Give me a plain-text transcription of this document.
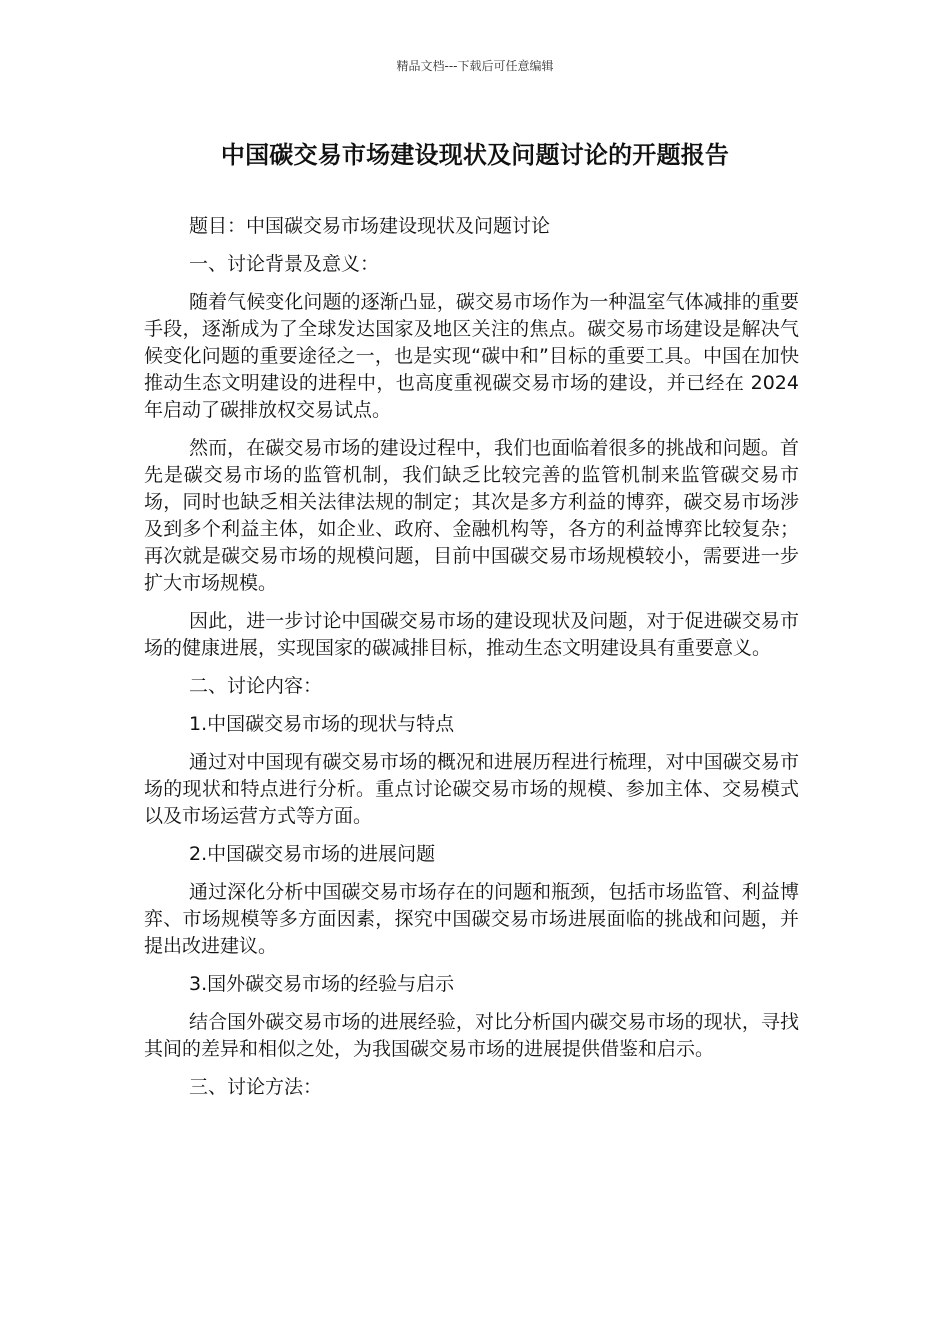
精品文档---下载后可任意编辑
中国碳交易市场建设现状及问题讨论的开题报告
题目：中国碳交易市场建设现状及问题讨论
一、讨论背景及意义：

随着气候变化问题的逐渐凸显，碳交易市场作为一种温室气体减排的重要手段，逐渐成为了全球发达国家及地区关注的焦点。碳交易市场建设是解决气候变化问题的重要途径之一，也是实现“碳中和”目标的重要工具。中国在加快推动生态文明建设的进程中，也高度重视碳交易市场的建设，并已经在 2024 年启动了碳排放权交易试点。

然而，在碳交易市场的建设过程中，我们也面临着很多的挑战和问题。首先是碳交易市场的监管机制，我们缺乏比较完善的监管机制来监管碳交易市场，同时也缺乏相关法律法规的制定；其次是多方利益的博弈，碳交易市场涉及到多个利益主体，如企业、政府、金融机构等，各方的利益博弈比较复杂；再次就是碳交易市场的规模问题，目前中国碳交易市场规模较小，需要进一步扩大市场规模。

因此，进一步讨论中国碳交易市场的建设现状及问题，对于促进碳交易市场的健康进展，实现国家的碳减排目标，推动生态文明建设具有重要意义。

二、讨论内容：
1.中国碳交易市场的现状与特点

通过对中国现有碳交易市场的概况和进展历程进行梳理，对中国碳交易市场的现状和特点进行分析。重点讨论碳交易市场的规模、参加主体、交易模式以及市场运营方式等方面。

2.中国碳交易市场的进展问题

通过深化分析中国碳交易市场存在的问题和瓶颈，包括市场监管、利益博弈、市场规模等多方面因素，探究中国碳交易市场进展面临的挑战和问题，并提出改进建议。

3.国外碳交易市场的经验与启示

结合国外碳交易市场的进展经验，对比分析国内碳交易市场的现状，寻找其间的差异和相似之处，为我国碳交易市场的进展提供借鉴和启示。

三、讨论方法：
